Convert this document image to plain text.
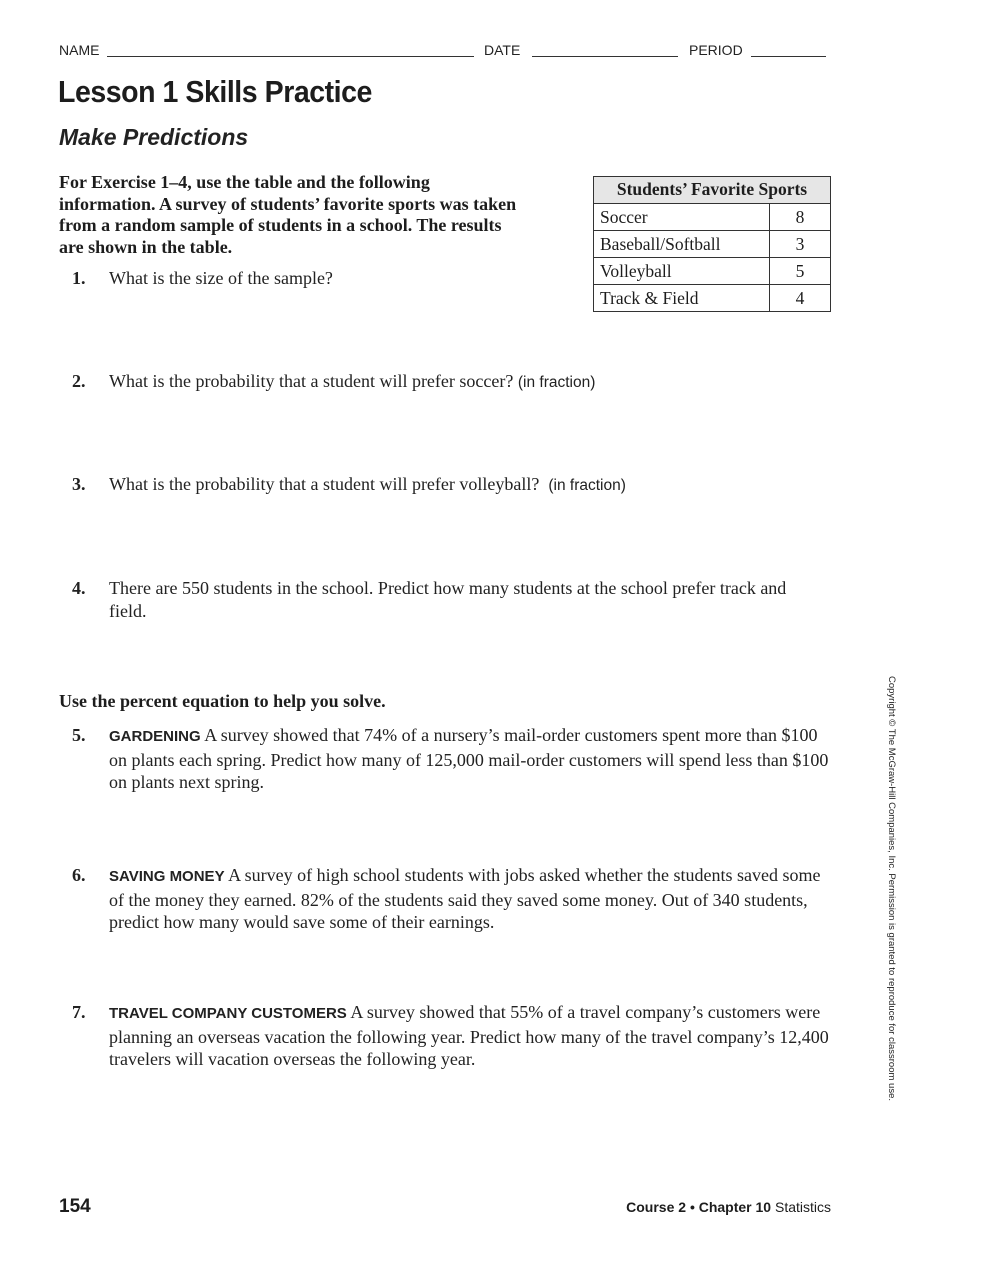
NAME	DATE	PERIOD
Lesson 1 Skills Practice
Make Predictions
For Exercise 1–4, use the table and the following information. A survey of students’ favorite sports was taken from a random sample of students in a school. The results are shown in the table.
Students’ Favorite Sports	
Soccer	8
Baseball/Softball	3
Volleyball	5
Track & Field	4
1. What is the size of the sample?
2. What is the probability that a student will prefer soccer? (in fraction)
3. What is the probability that a student will prefer volleyball? (in fraction)
4. There are 550 students in the school. Predict how many students at the school prefer track and field.
Use the percent equation to help you solve.
5. GARDENING A survey showed that 74% of a nursery’s mail-order customers spent more than $100 on plants each spring. Predict how many of 125,000 mail-order customers will spend less than $100 on plants next spring.
6. SAVING MONEY A survey of high school students with jobs asked whether the students saved some of the money they earned. 82% of the students said they saved some money. Out of 340 students, predict how many would save some of their earnings.
7. TRAVEL COMPANY CUSTOMERS A survey showed that 55% of a travel company’s customers were planning an overseas vacation the following year. Predict how many of the travel company’s 12,400 travelers will vacation overseas the following year.	Copyright © The McGraw-Hill Companies, Inc. Permission is granted to reproduce for classroom use.
154	Course 2 • Chapter 10 Statistics
